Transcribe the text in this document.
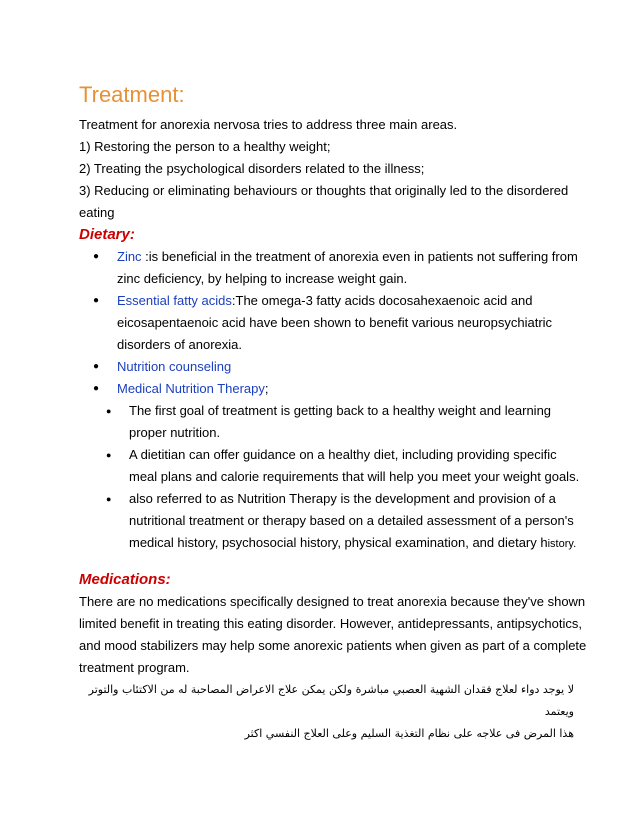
Treatment:

Treatment for anorexia nervosa tries to address three main areas.

1) Restoring the person to a healthy weight;

2) Treating the psychological disorders related to the illness;

3) Reducing or eliminating behaviours or thoughts that originally led to the disordered eating

Dietary:
● Zinc :is beneficial in the treatment of anorexia even in patients not suffering from zinc deficiency, by helping to increase weight gain.
● Essential fatty acids:The omega-3 fatty acids docosahexaenoic acid and eicosapentaenoic acid have been shown to benefit various neuropsychiatric disorders of anorexia.
● Nutrition counseling
● Medical Nutrition Therapy;
● The first goal of treatment is getting back to a healthy weight and learning proper nutrition.
● A dietitian can offer guidance on a healthy diet, including providing specific meal plans and calorie requirements that will help you meet your weight goals.
● also referred to as Nutrition Therapy is the development and provision of a nutritional treatment or therapy based on a detailed assessment of a person's medical history, psychosocial history, physical examination, and dietary history.
Medications:

There are no medications specifically designed to treat anorexia because they've shown limited benefit in treating this eating disorder. However, antidepressants, antipsychotics, and mood stabilizers may help some anorexic patients when given as part of a complete treatment program.

لا يوجد دواء لعلاج فقدان الشهية العصبي مباشرة ولكن يمكن علاج الاعراض المصاحبة له من الاكتئاب والتوتر ويعتمد

هذا المرض فى علاجه على نظام التغذية السليم وعلى العلاج النفسي اكثر
